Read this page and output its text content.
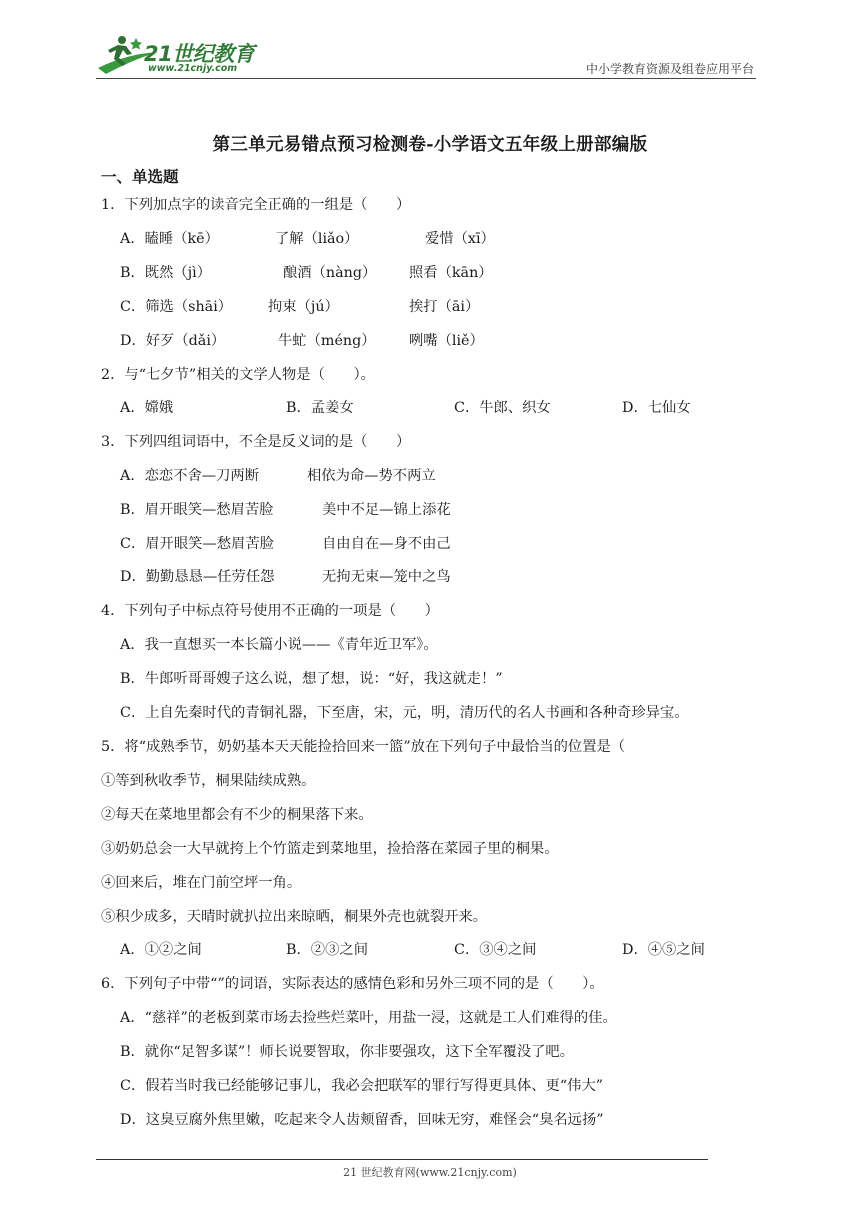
21世纪教育
www.21cnjy.com	中小学教育资源及组卷应用平台
第三单元易错点预习检测卷-小学语文五年级上册部编版
一、单选题
1．下列加点字的读音完全正确的一组是（　　）
A．瞌睡（kē）	了解（liǎo）	爱惜（xī）
B．既然（jì）	酿酒（nàng） 照看（kān）
C．筛选（shāi）	拘束（jú）	挨打（āi）
D．好歹（dǎi）	牛虻（méng） 咧嘴（liě）
2．与“七夕节”相关的文学人物是（　　）。
A．嫦娥	B．孟姜女	C．牛郎、织女	D．七仙女
3．下列四组词语中，不全是反义词的是（　　）
A．恋恋不舍—刀两断	相依为命—势不两立
B．眉开眼笑—愁眉苦脸	美中不足—锦上添花
C．眉开眼笑—愁眉苦脸	自由自在—身不由己
D．勤勤恳恳—任劳任怨	无拘无束—笼中之鸟
4．下列句子中标点符号使用不正确的一项是（　　）
A．我一直想买一本长篇小说——《青年近卫军》。
B．牛郎听哥哥嫂子这么说，想了想，说：“好，我这就走！”
C．上自先秦时代的青铜礼器，下至唐，宋，元，明，清历代的名人书画和各种奇珍异宝。
5．将“成熟季节，奶奶基本天天能捡拾回来一篮”放在下列句子中最恰当的位置是（
①等到秋收季节，桐果陆续成熟。
②每天在菜地里都会有不少的桐果落下来。
③奶奶总会一大早就挎上个竹篮走到菜地里，捡拾落在菜园子里的桐果。
④回来后，堆在门前空坪一角。
⑤积少成多，天晴时就扒拉出来晾晒，桐果外壳也就裂开来。
A．①②之间	B．②③之间	C．③④之间	D．④⑤之间
6．下列句子中带“”的词语，实际表达的感情色彩和另外三项不同的是（　　）。
A．“慈祥”的老板到菜市场去捡些烂菜叶，用盐一浸，这就是工人们难得的佳。
B．就你“足智多谋”！师长说要智取，你非要强攻，这下全军覆没了吧。
C．假若当时我已经能够记事儿，我必会把联军的罪行写得更具体、更“伟大”
D．这臭豆腐外焦里嫩，吃起来令人齿颊留香，回味无穷，难怪会“臭名远扬”
21 世纪教育网(www.21cnjy.com)
